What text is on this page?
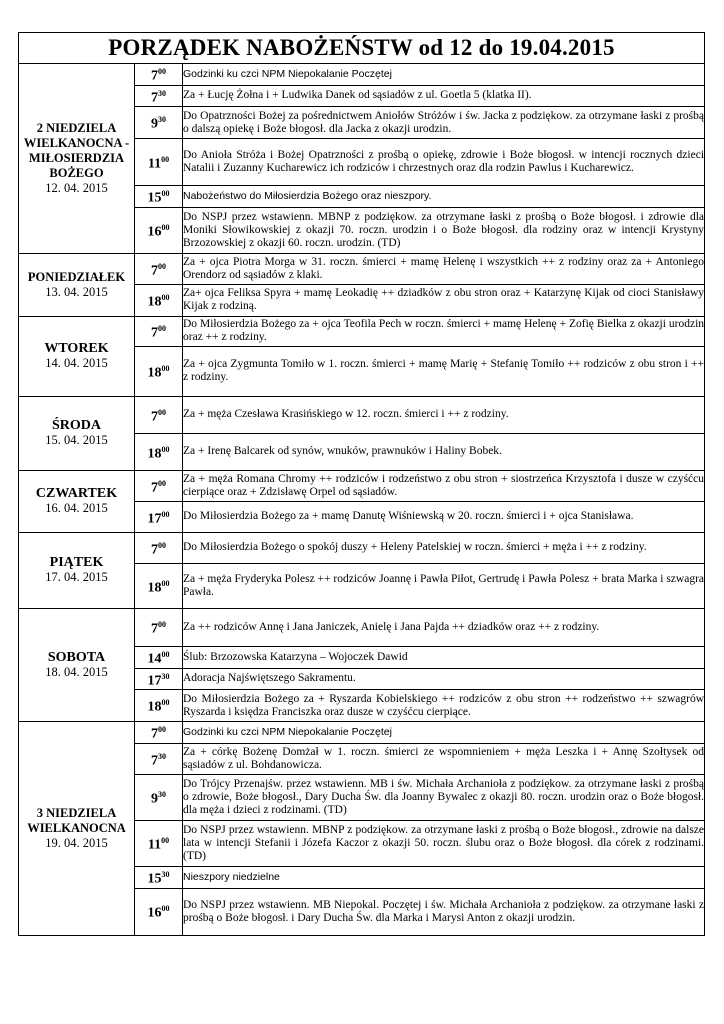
PORZĄDEK NABOŻEŃSTW od 12 do 19.04.2015		

2 NIEDZIELA WIELKANOCNA - MIŁOSIERDZIA BOŻEGO
12. 04. 2015	$7^{00}$	Godzinki ku czci NPM Niepokalanie Poczętej
	$7^{30}$	Za + Łucję Żołna i + Ludwika Danek od sąsiadów z ul. Goetla 5 (klatka II).
	$9^{30}$	Do Opatrzności Bożej za pośrednictwem Aniołów Stróżów i św. Jacka z podziękow. za otrzymane łaski z prośbą o dalszą opiekę i Boże błogosł. dla Jacka z okazji urodzin.
	$11^{00}$	Do Anioła Stróża i Bożej Opatrzności z prośbą o opiekę, zdrowie i Boże błogosł. w intencji rocznych dzieci Natalii i Zuzanny Kucharewicz ich rodziców i chrzestnych oraz dla rodzin Pawlus i Kucharewicz.
	$15^{00}$	Nabożeństwo do Miłosierdzia Bożego oraz nieszpory.
	$16^{00}$	Do NSPJ przez wstawienn. MBNP z podziękow. za otrzymane łaski z prośbą o Boże błogosł. i zdrowie dla Moniki Słowikowskiej z okazji 70. roczn. urodzin i o Boże błogosł. dla rodziny oraz w intencji Krystyny Brzozowskiej z okazji 60. roczn. urodzin. (TD)

PONIEDZIAŁEK
13. 04. 2015	$7^{00}$	Za + ojca Piotra Morga w 31. roczn. śmierci + mamę Helenę i wszystkich ++ z rodziny oraz za + Antoniego Orendorz od sąsiadów z klaki.
	$18^{00}$	Za+ ojca Feliksa Spyra + mamę Leokadię ++ dziadków z obu stron oraz + Katarzynę Kijak od cioci Stanisławy Kijak z rodziną.

WTOREK
14. 04. 2015	$7^{00}$	Do Miłosierdzia Bożego za + ojca Teofila Pech w roczn. śmierci + mamę Helenę + Zofię Bielka z okazji urodzin oraz ++ z rodziny.
	$18^{00}$	Za + ojca Zygmunta Tomiło w 1. roczn. śmierci + mamę Marię + Stefanię Tomiło ++ rodziców z obu stron i ++ z rodziny.

ŚRODA
15. 04. 2015	$7^{00}$	Za + męża Czesława Krasińskiego w 12. roczn. śmierci i ++ z rodziny.
	$18^{00}$	Za + Irenę Balcarek od synów, wnuków, prawnuków i Haliny Bobek.

CZWARTEK
16. 04. 2015	$7^{00}$	Za + męża Romana Chromy ++ rodziców i rodzeństwo z obu stron + siostrzeńca Krzysztofa i dusze w czyśćcu cierpiące oraz + Zdzisławę Orpel od sąsiadów.
	$17^{00}$	Do Miłosierdzia Bożego za + mamę Danutę Wiśniewską w 20. roczn. śmierci i + ojca Stanisława.

PIĄTEK
17. 04. 2015	$7^{00}$	Do Miłosierdzia Bożego o spokój duszy + Heleny Patelskiej w roczn. śmierci + męża i ++ z rodziny.
	$18^{00}$	Za + męża Fryderyka Polesz ++ rodziców Joannę i Pawła Piłot, Gertrudę i Pawła Polesz + brata Marka i szwagra Pawła.

SOBOTA
18. 04. 2015	$7^{00}$	Za ++ rodziców Annę i Jana Janiczek, Anielę i Jana Pajda ++ dziadków oraz ++ z rodziny.
	$14^{00}$	Ślub: Brzozowska Katarzyna – Wojoczek Dawid
	$17^{30}$	Adoracja Najświętszego Sakramentu.
	$18^{00}$	Do Miłosierdzia Bożego za + Ryszarda Kobielskiego ++ rodziców z obu stron ++ rodzeństwo ++ szwagrów Ryszarda i księdza Franciszka oraz dusze w czyśćcu cierpiące.

3 NIEDZIELA WIELKANOCNA
19. 04. 2015	$7^{00}$	Godzinki ku czci NPM Niepokalanie Poczętej
	$7^{30}$	Za + córkę Bożenę Domżał w 1. roczn. śmierci ze wspomnieniem + męża Leszka i + Annę Szołtysek od sąsiadów z ul. Bohdanowicza.
	$9^{30}$	Do Trójcy Przenajśw. przez wstawienn. MB i św. Michała Archanioła z podziękow. za otrzymane łaski z prośbą o zdrowie, Boże błogosł., Dary Ducha Św. dla Joanny Bywalec z okazji 80. roczn. urodzin oraz o Boże błogosł. dla męża i dzieci z rodzinami. (TD)
	$11^{00}$	Do NSPJ przez wstawienn. MBNP z podziękow. za otrzymane łaski z prośbą o Boże błogosł., zdrowie na dalsze lata w intencji Stefanii i Józefa Kaczor z okazji 50. roczn. ślubu oraz o Boże błogosł. dla córek z rodzinami. (TD)
	$15^{30}$	Nieszpory niedzielne
	$16^{00}$	Do NSPJ przez wstawienn. MB Niepokal. Poczętej i św. Michała Archanioła z podziękow. za otrzymane łaski z prośbą o Boże błogosł. i Dary Ducha Św. dla Marka i Marysi Anton z okazji urodzin.
